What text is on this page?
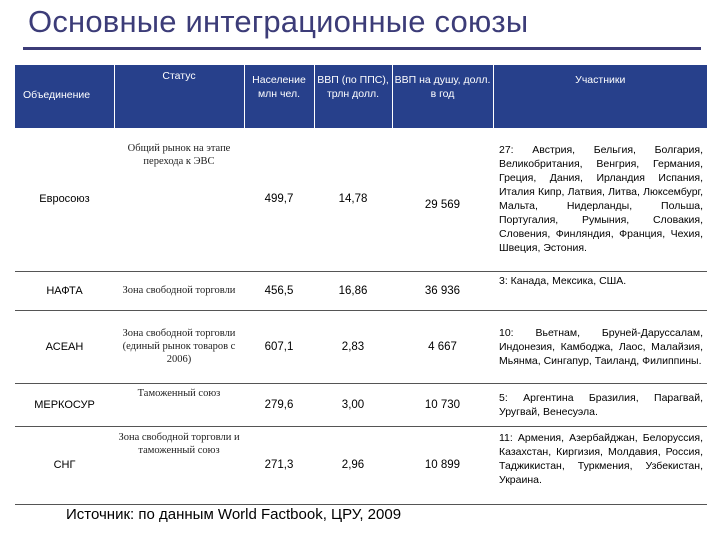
Основные интеграционные союзы
Объединение	Статус	Население млн чел.	ВВП (по ППС), трлн долл.	ВВП на душу, долл. в год	Участники
Евросоюз	Общий рынок на этапе перехода к ЭВС	499,7	14,78	29 569	27: Австрия, Бельгия, Болгария, Великобритания, Венгрия, Германия, Греция, Дания, Ирландия Испания, Италия Кипр, Латвия, Литва, Люксембург, Мальта, Нидерланды, Польша, Португалия, Румыния, Словакия, Словения, Финляндия, Франция, Чехия, Швеция, Эстония.
НАФТА	Зона свободной торговли	456,5	16,86	36 936	3: Канада, Мексика, США.
АСЕАН	Зона свободной торговли (единый рынок товаров с 2006)	607,1	2,83	4 667	10: Вьетнам, Бруней-Даруссалам, Индонезия, Камбоджа, Лаос, Малайзия, Мьянма, Сингапур, Таиланд, Филиппины.
МЕРКОСУР	Таможенный союз	279,6	3,00	10 730	5: Аргентина Бразилия, Парагвай, Уругвай, Венесуэла.
СНГ	Зона свободной торговли и таможенный союз	271,3	2,96	10 899	11: Армения, Азербайджан, Белоруссия, Казахстан, Киргизия, Молдавия, Россия, Таджикистан, Туркмения, Узбекистан, Украина.
Источник: по данным World Factbook, ЦРУ, 2009
